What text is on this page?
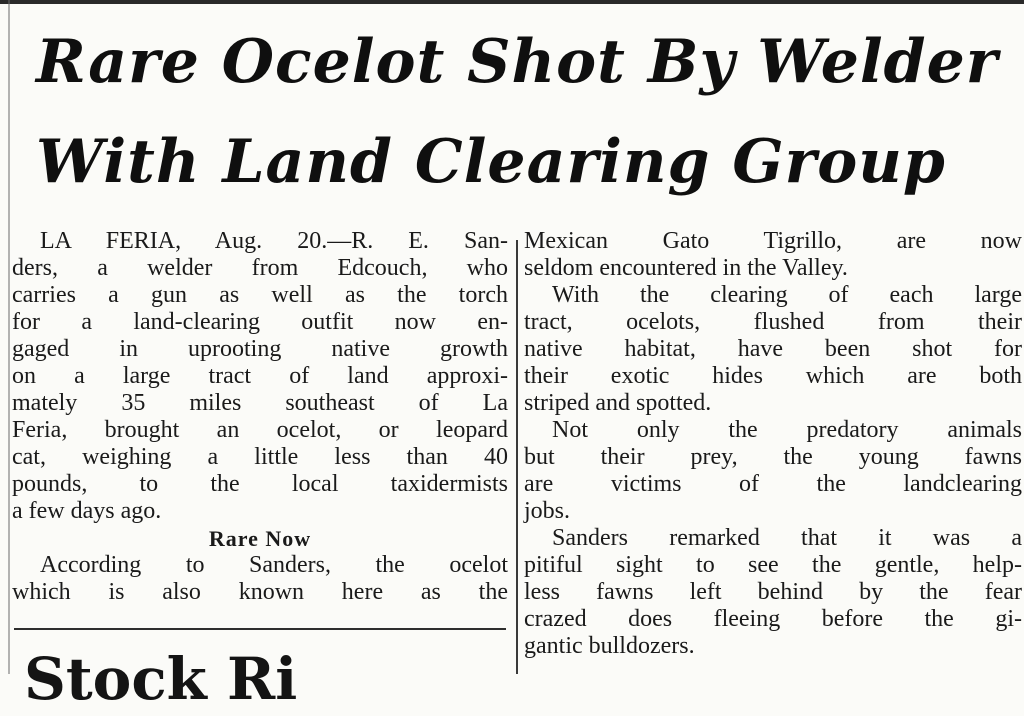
Rare Ocelot Shot By Welder
With Land Clearing Group
LA FERIA, Aug. 20.—R. E. San-
ders, a welder from Edcouch, who
carries a gun as well as the torch
for a land-clearing outfit now en-
gaged in uprooting native growth
on a large tract of land approxi-
mately 35 miles southeast of La
Feria, brought an ocelot, or leopard
cat, weighing a little less than 40
pounds, to the local taxidermists
a few days ago.
Rare Now
According to Sanders, the ocelot
which is also known here as the
Mexican Gato Tigrillo, are now
seldom encountered in the Valley.
With the clearing of each large
tract, ocelots, flushed from their
native habitat, have been shot for
their exotic hides which are both
striped and spotted.
Not only the predatory animals
but their prey, the young fawns
are victims of the landclearing
jobs.
Sanders remarked that it was a
pitiful sight to see the gentle, help-
less fawns left behind by the fear
crazed does fleeing before the gi-
gantic bulldozers.
Stock Ri
